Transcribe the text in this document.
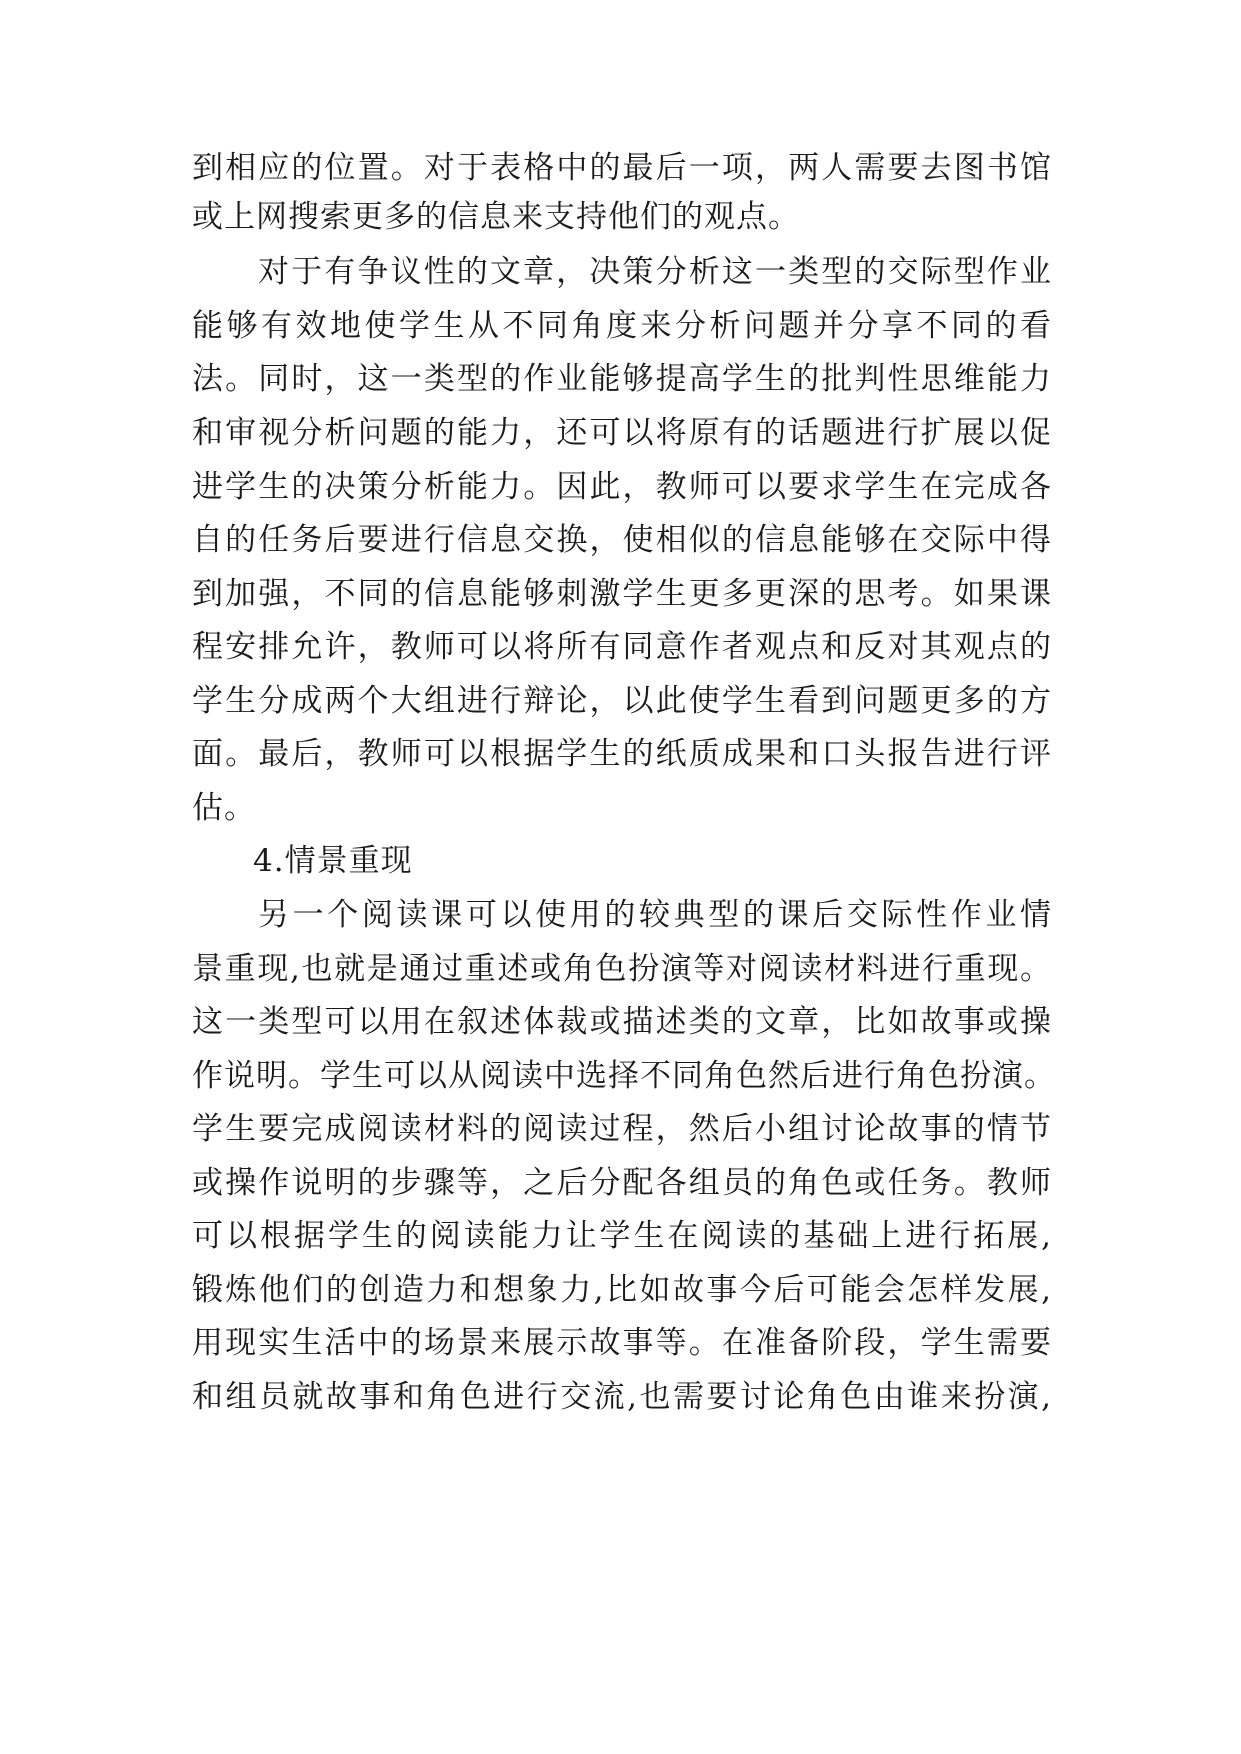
到相应的位置。对于表格中的最后一项，两人需要去图书馆
或上网搜索更多的信息来支持他们的观点。
对于有争议性的文章，决策分析这一类型的交际型作业
能够有效地使学生从不同角度来分析问题并分享不同的看
法。同时，这一类型的作业能够提高学生的批判性思维能力
和审视分析问题的能力，还可以将原有的话题进行扩展以促
进学生的决策分析能力。因此，教师可以要求学生在完成各
自的任务后要进行信息交换，使相似的信息能够在交际中得
到加强，不同的信息能够刺激学生更多更深的思考。如果课
程安排允许，教师可以将所有同意作者观点和反对其观点的
学生分成两个大组进行辩论，以此使学生看到问题更多的方
面。最后，教师可以根据学生的纸质成果和口头报告进行评
估。
4.情景重现
另一个阅读课可以使用的较典型的课后交际性作业情
景重现,也就是通过重述或角色扮演等对阅读材料进行重现。
这一类型可以用在叙述体裁或描述类的文章，比如故事或操
作说明。学生可以从阅读中选择不同角色然后进行角色扮演。
学生要完成阅读材料的阅读过程，然后小组讨论故事的情节
或操作说明的步骤等，之后分配各组员的角色或任务。教师
可以根据学生的阅读能力让学生在阅读的基础上进行拓展,
锻炼他们的创造力和想象力,比如故事今后可能会怎样发展,
用现实生活中的场景来展示故事等。在准备阶段，学生需要
和组员就故事和角色进行交流,也需要讨论角色由谁来扮演,
